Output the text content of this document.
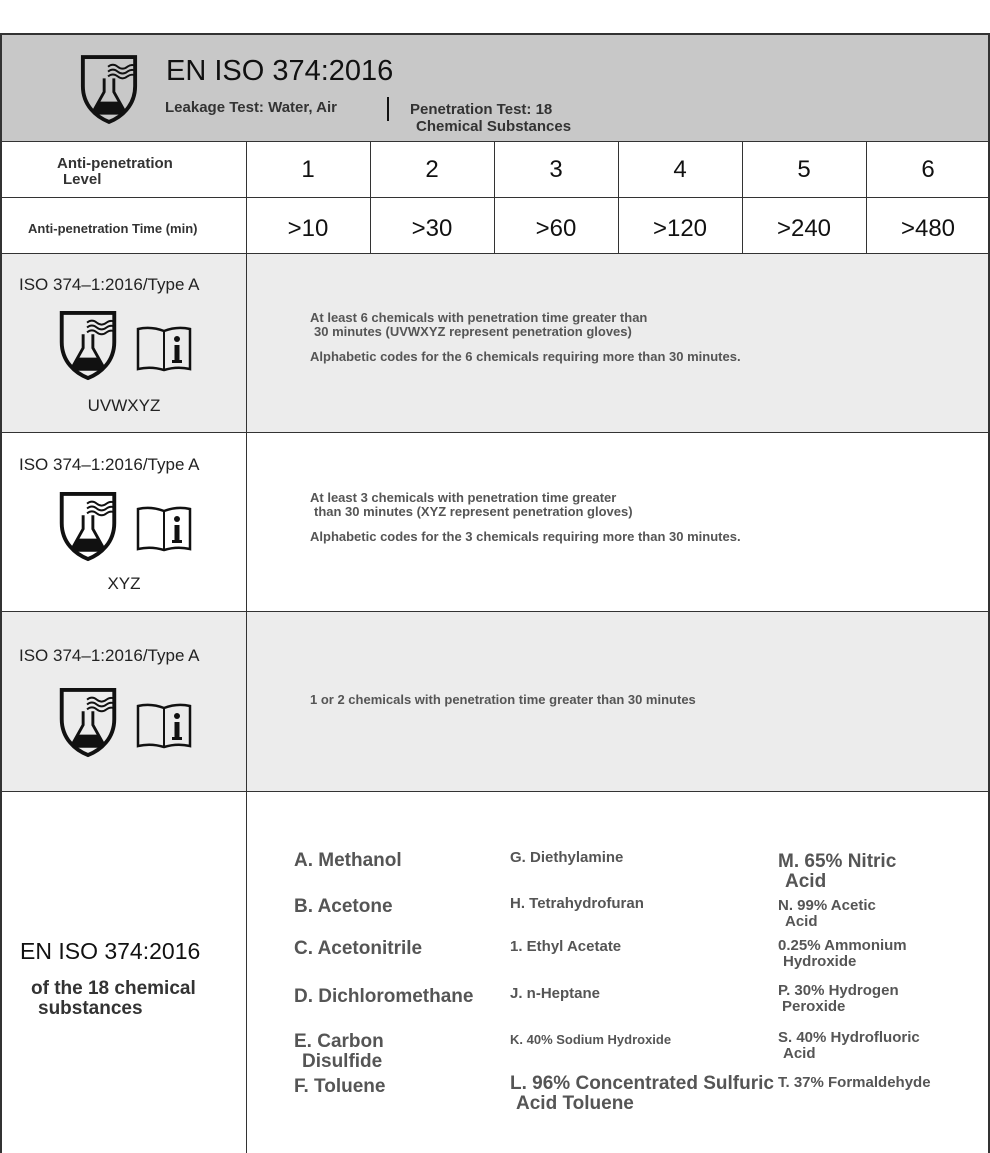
EN ISO 374:2016
Leakage Test: Water, Air	Penetration Test: 18
Chemical Substances
Anti-penetration
Level	1	2	3	4	5	6
Anti-penetration Time (min)	>10	>30	>60	>120	>240	>480
ISO 374–1:2016/Type A
UVWXYZ
At least 6 chemicals with penetration time greater than
30 minutes (UVWXYZ represent penetration gloves)
Alphabetic codes for the 6 chemicals requiring more than 30 minutes.
ISO 374–1:2016/Type A
XYZ
At least 3 chemicals with penetration time greater
than 30 minutes (XYZ represent penetration gloves)
Alphabetic codes for the 3 chemicals requiring more than 30 minutes.
ISO 374–1:2016/Type A
1 or 2 chemicals with penetration time greater than 30 minutes
EN ISO 374:2016
of the 18 chemical
substances
A. Methanol
B. Acetone
C. Acetonitrile
D. Dichloromethane
E. Carbon
Disulfide
F. Toluene
G. Diethylamine
H. Tetrahydrofuran
1. Ethyl Acetate
J. n-Heptane
K. 40% Sodium Hydroxide
L. 96% Concentrated Sulfuric
Acid Toluene
M. 65% Nitric
Acid
N. 99% Acetic
Acid
0.25% Ammonium
Hydroxide
P. 30% Hydrogen
Peroxide
S. 40% Hydrofluoric
Acid
T. 37% Formaldehyde
